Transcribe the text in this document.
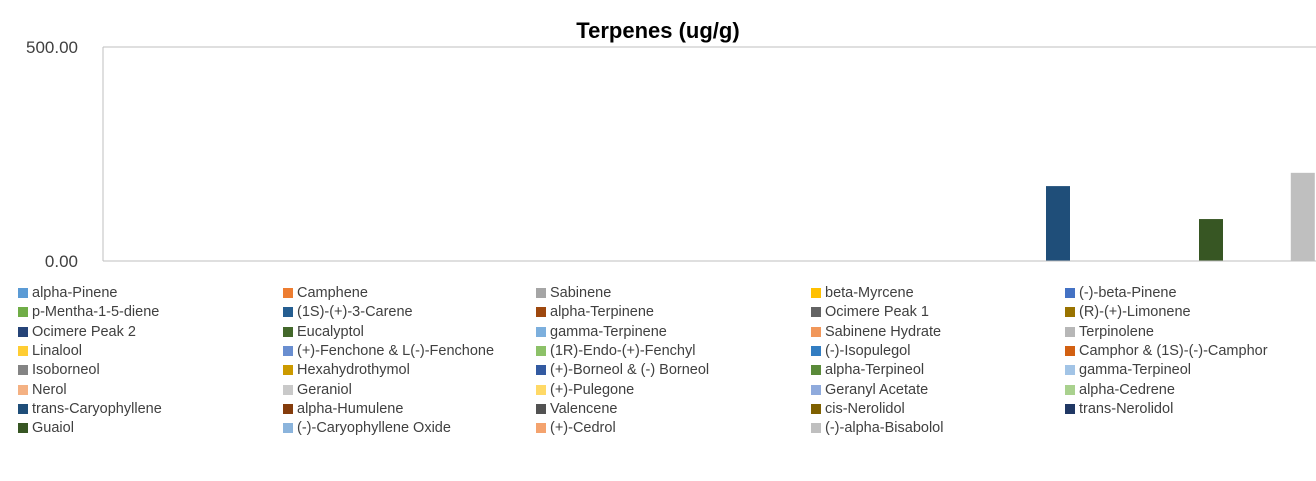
Terpenes (ug/g)
500.00
0.00
alpha-Pinene	Camphene	Sabinene	beta-Myrcene	(-)-beta-Pinene
p-Mentha-1-5-diene	(1S)-(+)-3-Carene	alpha-Terpinene	Ocimere Peak 1	(R)-(+)-Limonene
Ocimere Peak 2	Eucalyptol	gamma-Terpinene	Sabinene Hydrate	Terpinolene
Linalool	(+)-Fenchone & L(-)-Fenchone	(1R)-Endo-(+)-Fenchyl	(-)-Isopulegol	Camphor & (1S)-(-)-Camphor
Isoborneol	Hexahydrothymol	(+)-Borneol & (-) Borneol	alpha-Terpineol	gamma-Terpineol
Nerol	Geraniol	(+)-Pulegone	Geranyl Acetate	alpha-Cedrene
trans-Caryophyllene	alpha-Humulene	Valencene	cis-Nerolidol	trans-Nerolidol
Guaiol	(-)-Caryophyllene Oxide	(+)-Cedrol	(-)-alpha-Bisabolol
